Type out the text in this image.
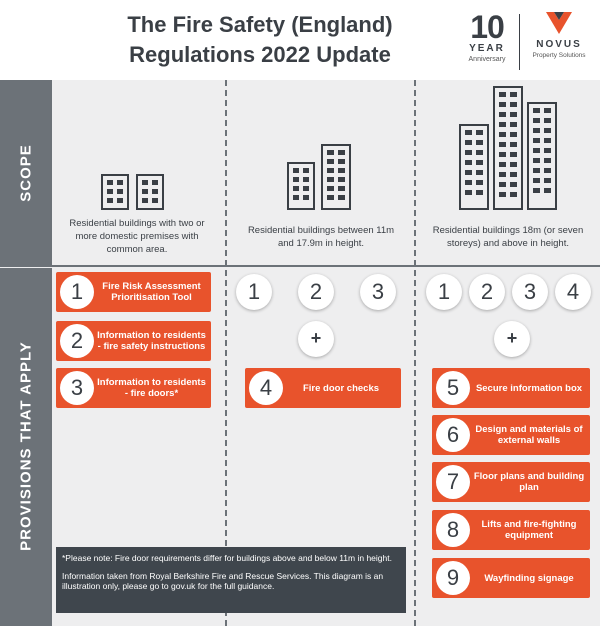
The Fire Safety (England)
Regulations 2022 Update
10
YEAR
Anniversary
NOVUS
Property Solutions
SCOPE
PROVISIONS THAT APPLY
Residential buildings with two or more domestic premises with common area.
Residential buildings between 11m and 17.9m in height.
Residential buildings 18m (or seven storeys) and above in height.
1	Fire Risk Assessment Prioritisation Tool
2	Information to residents - fire safety instructions
3	Information to residents - fire doors*
1	2	3
+
4	Fire door checks
1	2	3	4
+
5	Secure information box
6	Design and materials of external walls
7	Floor plans and building plan
8	Lifts and fire-fighting equipment
9	Wayfinding signage

*Please note: Fire door requirements differ for buildings above and below 11m in height.

Information taken from Royal Berkshire Fire and Rescue Services. This diagram is an illustration only, please go to gov.uk for the full guidance.
